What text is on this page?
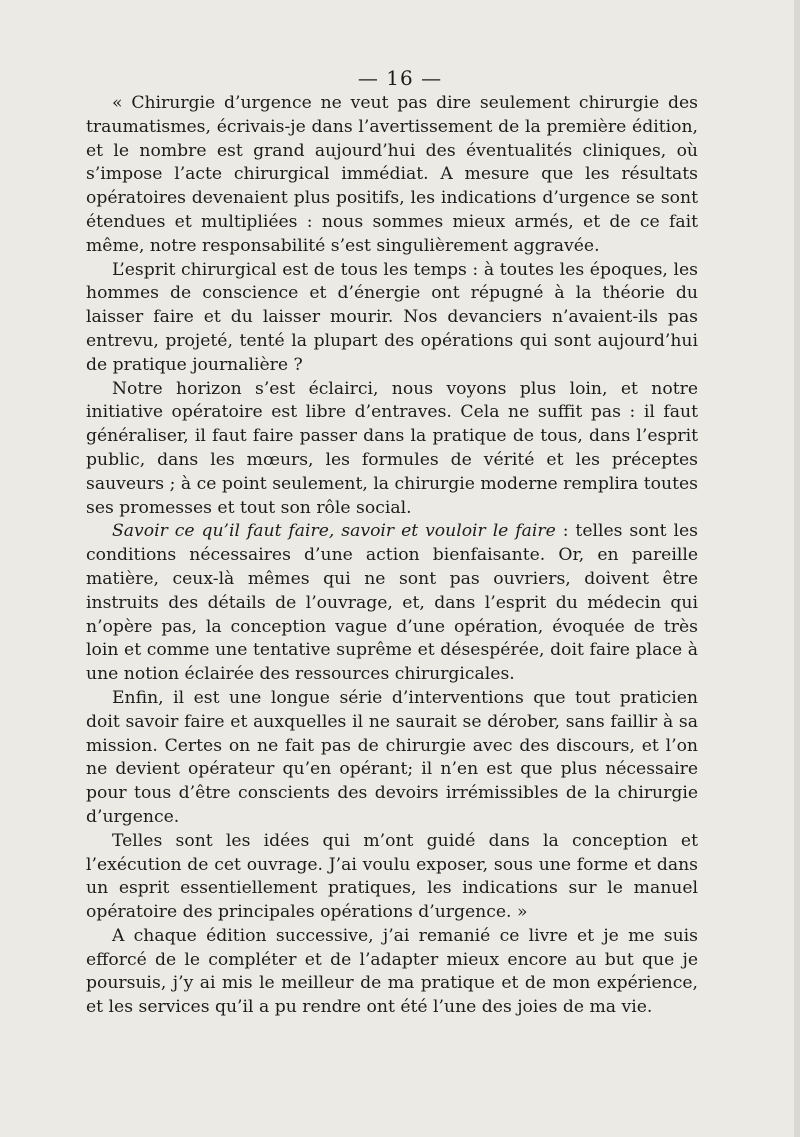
— 16 —

« Chirurgie d’urgence ne veut pas dire seulement chirurgie des traumatismes, écrivais-je dans l’avertissement de la première édition, et le nombre est grand aujourd’hui des éventualités cliniques, où s’impose l’acte chirurgical immédiat. A mesure que les résultats opératoires devenaient plus positifs, les indications d’urgence se sont étendues et multipliées : nous sommes mieux armés, et de ce fait même, notre responsabilité s’est singulièrement aggravée.

L’esprit chirurgical est de tous les temps : à toutes les époques, les hommes de conscience et d’énergie ont répugné à la théorie du laisser faire et du laisser mourir. Nos devanciers n’avaient-ils pas entrevu, projeté, tenté la plupart des opérations qui sont aujourd’hui de pratique journalière ?

Notre horizon s’est éclairci, nous voyons plus loin, et notre initiative opératoire est libre d’entraves. Cela ne suffit pas : il faut généraliser, il faut faire passer dans la pratique de tous, dans l’esprit public, dans les mœurs, les formules de vérité et les préceptes sauveurs ; à ce point seulement, la chirurgie moderne remplira toutes ses promesses et tout son rôle social.

Savoir ce qu’il faut faire, savoir et vouloir le faire : telles sont les conditions nécessaires d’une action bienfaisante. Or, en pareille matière, ceux-là mêmes qui ne sont pas ouvriers, doivent être instruits des détails de l’ouvrage, et, dans l’esprit du médecin qui n’opère pas, la conception vague d’une opération, évoquée de très loin et comme une tentative suprême et désespérée, doit faire place à une notion éclairée des ressources chirurgicales.

Enfin, il est une longue série d’interventions que tout praticien doit savoir faire et auxquelles il ne saurait se dérober, sans faillir à sa mission. Certes on ne fait pas de chirurgie avec des discours, et l’on ne devient opérateur qu’en opérant; il n’en est que plus nécessaire pour tous d’être conscients des devoirs irrémissibles de la chirurgie d’urgence.

Telles sont les idées qui m’ont guidé dans la conception et l’exécution de cet ouvrage. J’ai voulu exposer, sous une forme et dans un esprit essentiellement pratiques, les indications sur le manuel opératoire des principales opérations d’urgence. »

A chaque édition successive, j’ai remanié ce livre et je me suis efforcé de le compléter et de l’adapter mieux encore au but que je poursuis, j’y ai mis le meilleur de ma pratique et de mon expérience, et les services qu’il a pu rendre ont été l’une des joies de ma vie.
